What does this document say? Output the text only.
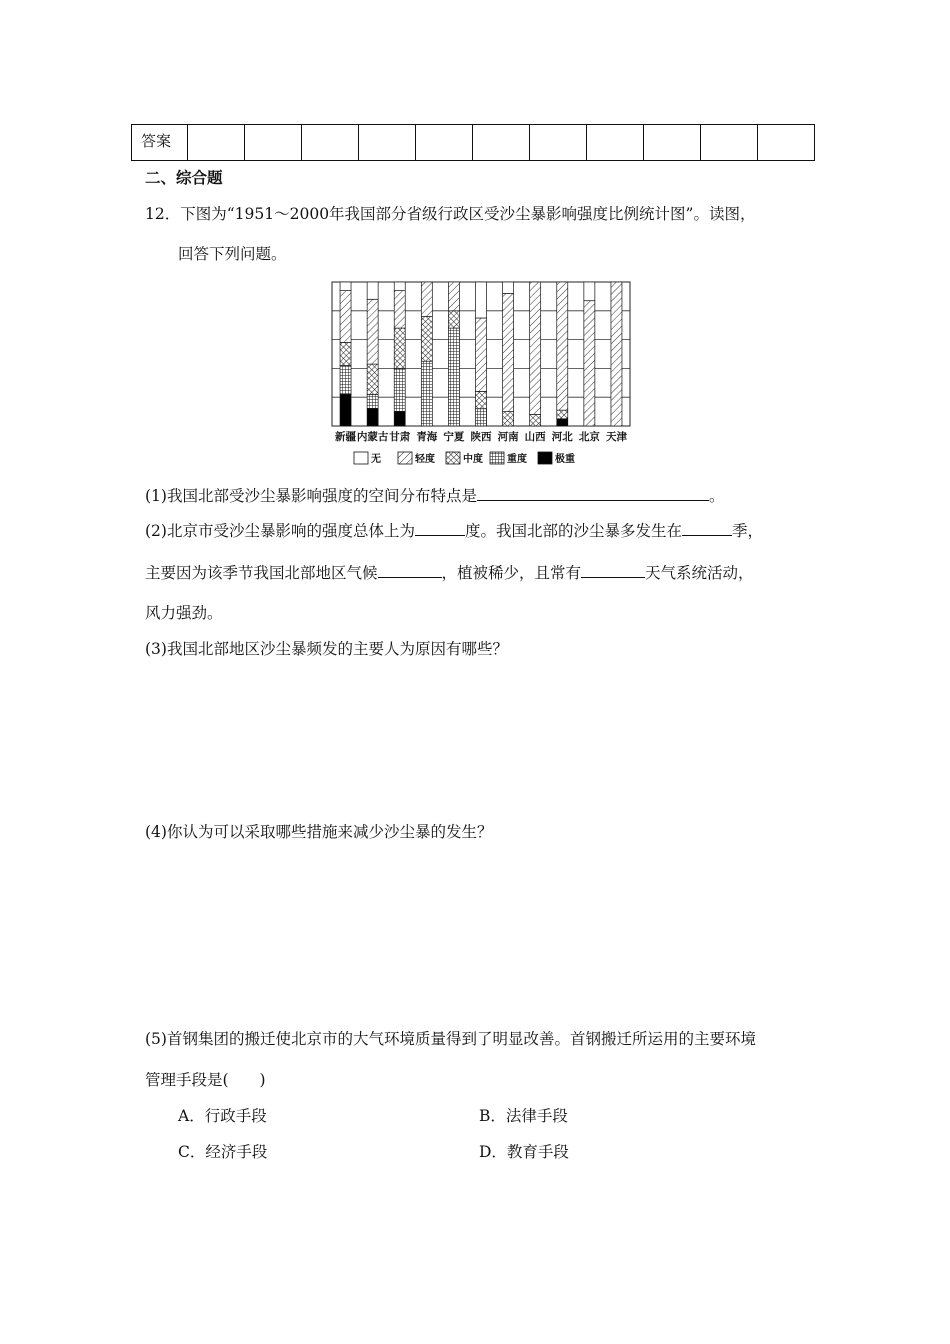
答案											
二、综合题
12．下图为“1951～2000年我国部分省级行政区受沙尘暴影响强度比例统计图”。读图，
回答下列问题。
新疆 内蒙古 甘肃 青海 宁夏 陕西 河南 山西 河北 北京 天津
无	轻度	中度 重度	极重
(1)我国北部受沙尘暴影响强度的空间分布特点是	。
(2)北京市受沙尘暴影响的强度总体上为	度。我国北部的沙尘暴多发生在	季，
主要因为该季节我国北部地区气候	，植被稀少，且常有	天气系统活动，
风力强劲。
(3)我国北部地区沙尘暴频发的主要人为原因有哪些？
(4)你认为可以采取哪些措施来减少沙尘暴的发生？
(5)首钢集团的搬迁使北京市的大气环境质量得到了明显改善。首钢搬迁所运用的主要环境
管理手段是(　　)
A．行政手段	B．法律手段
C．经济手段	D．教育手段
